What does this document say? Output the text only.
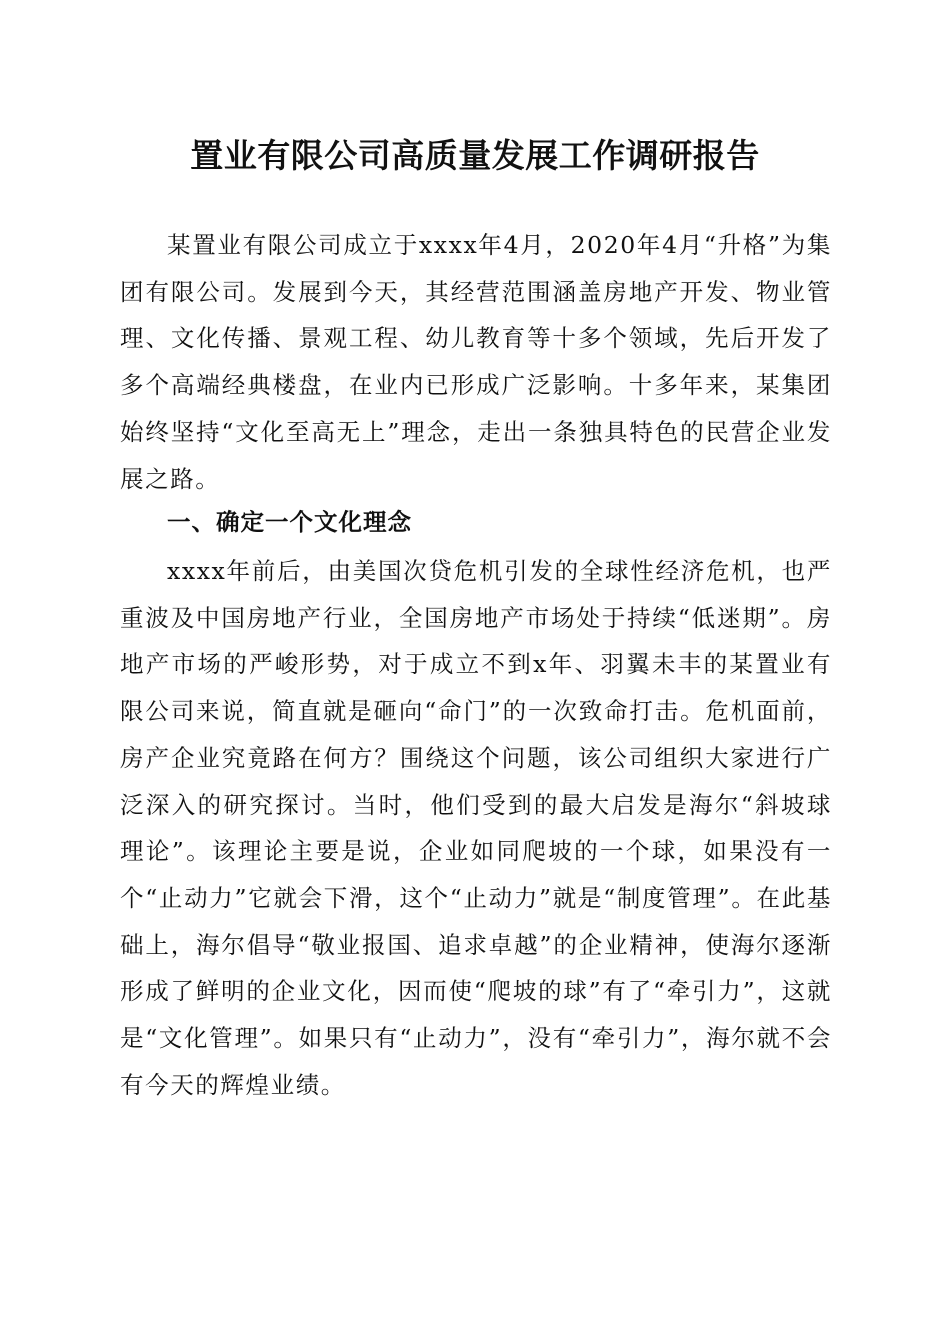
置业有限公司高质量发展工作调研报告

某置业有限公司成立于xxxx年4月，2020年4月“升格”为集团有限公司。发展到今天，其经营范围涵盖房地产开发、物业管理、文化传播、景观工程、幼儿教育等十多个领域，先后开发了多个高端经典楼盘，在业内已形成广泛影响。十多年来，某集团始终坚持“文化至高无上”理念，走出一条独具特色的民营企业发展之路。

一、确定一个文化理念

xxxx年前后，由美国次贷危机引发的全球性经济危机，也严重波及中国房地产行业，全国房地产市场处于持续“低迷期”。房地产市场的严峻形势，对于成立不到x年、羽翼未丰的某置业有限公司来说，简直就是砸向“命门”的一次致命打击。危机面前，房产企业究竟路在何方？围绕这个问题，该公司组织大家进行广泛深入的研究探讨。当时，他们受到的最大启发是海尔“斜坡球理论”。该理论主要是说，企业如同爬坡的一个球，如果没有一个“止动力”它就会下滑，这个“止动力”就是“制度管理”。在此基础上，海尔倡导“敬业报国、追求卓越”的企业精神，使海尔逐渐形成了鲜明的企业文化，因而使“爬坡的球”有了“牵引力”，这就是“文化管理”。如果只有“止动力”，没有“牵引力”，海尔就不会有今天的辉煌业绩。
